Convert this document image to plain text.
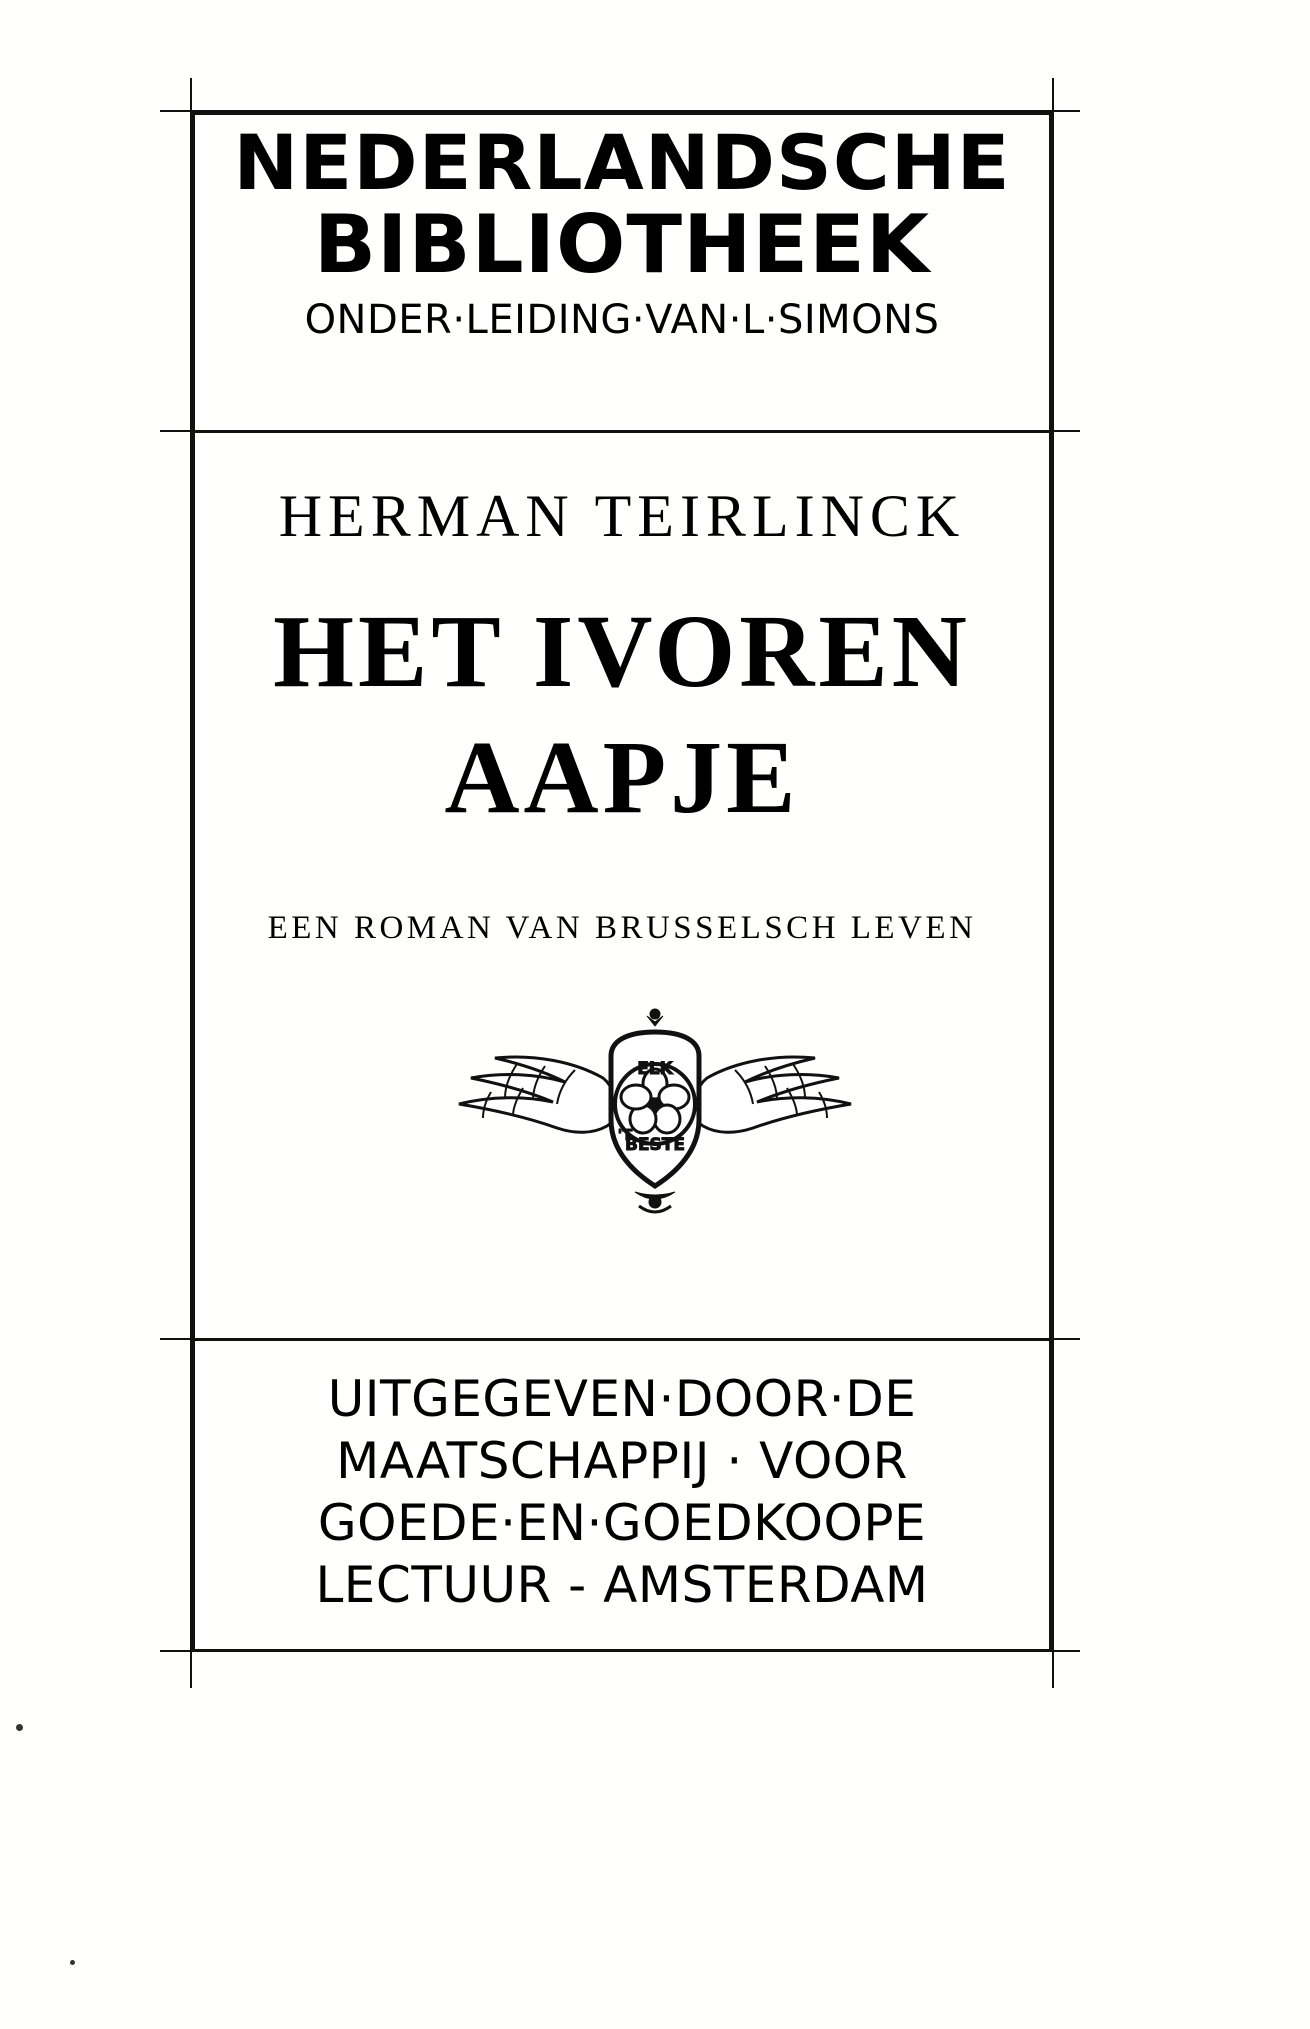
NEDERLANDSCHE
BIBLIOTHEEK
ONDER·LEIDING·VAN·L·SIMONS
HERMAN TEIRLINCK
HET IVOREN
AAPJE
EEN ROMAN VAN BRUSSELSCH LEVEN
ELK
BESTE
'T
UITGEGEVEN·DOOR·DE
MAATSCHAPPIJ · VOOR
GOEDE·EN·GOEDKOOPE
LECTUUR - AMSTERDAM
